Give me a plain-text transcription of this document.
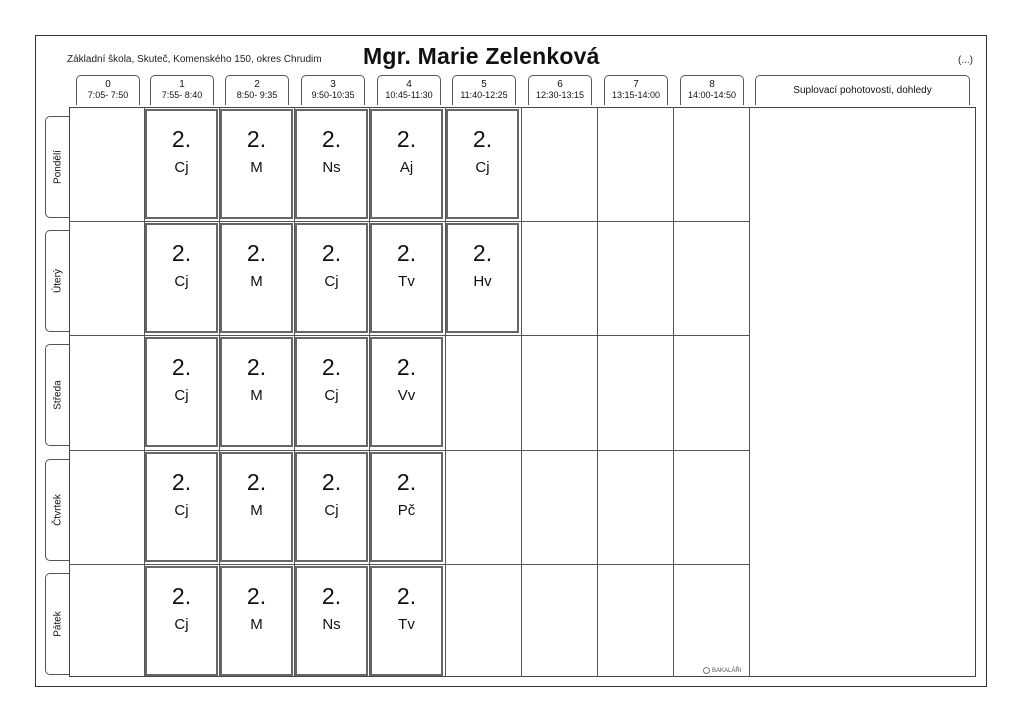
Základní škola, Skuteč, Komenského 150, okres Chrudim Mgr. Marie Zelenková	(...)
0
7:05- 7:50
1
7:55- 8:40
2
8:50- 9:35
3
9:50-10:35
4
10:45-11:30
5
11:40-12:25
6
12:30-13:15
7
13:15-14:00
8
14:00-14:50	Suplovací pohotovosti, dohledy
Pondělí
Úterý
Středa
Čtvrtek
Pátek
2.
Cj
2.
M
2.
Ns
2.
Aj
2.
Cj
2.
Cj
2.
M
2.
Cj
2.
Tv
2.
Hv
2.
Cj
2.
M
2.
Cj
2.
Vv
2.
Cj
2.
M
2.
Cj
2.
Pč
2.
Cj
2.
M
2.
Ns
2.
Tv
BAKALÁŘI
